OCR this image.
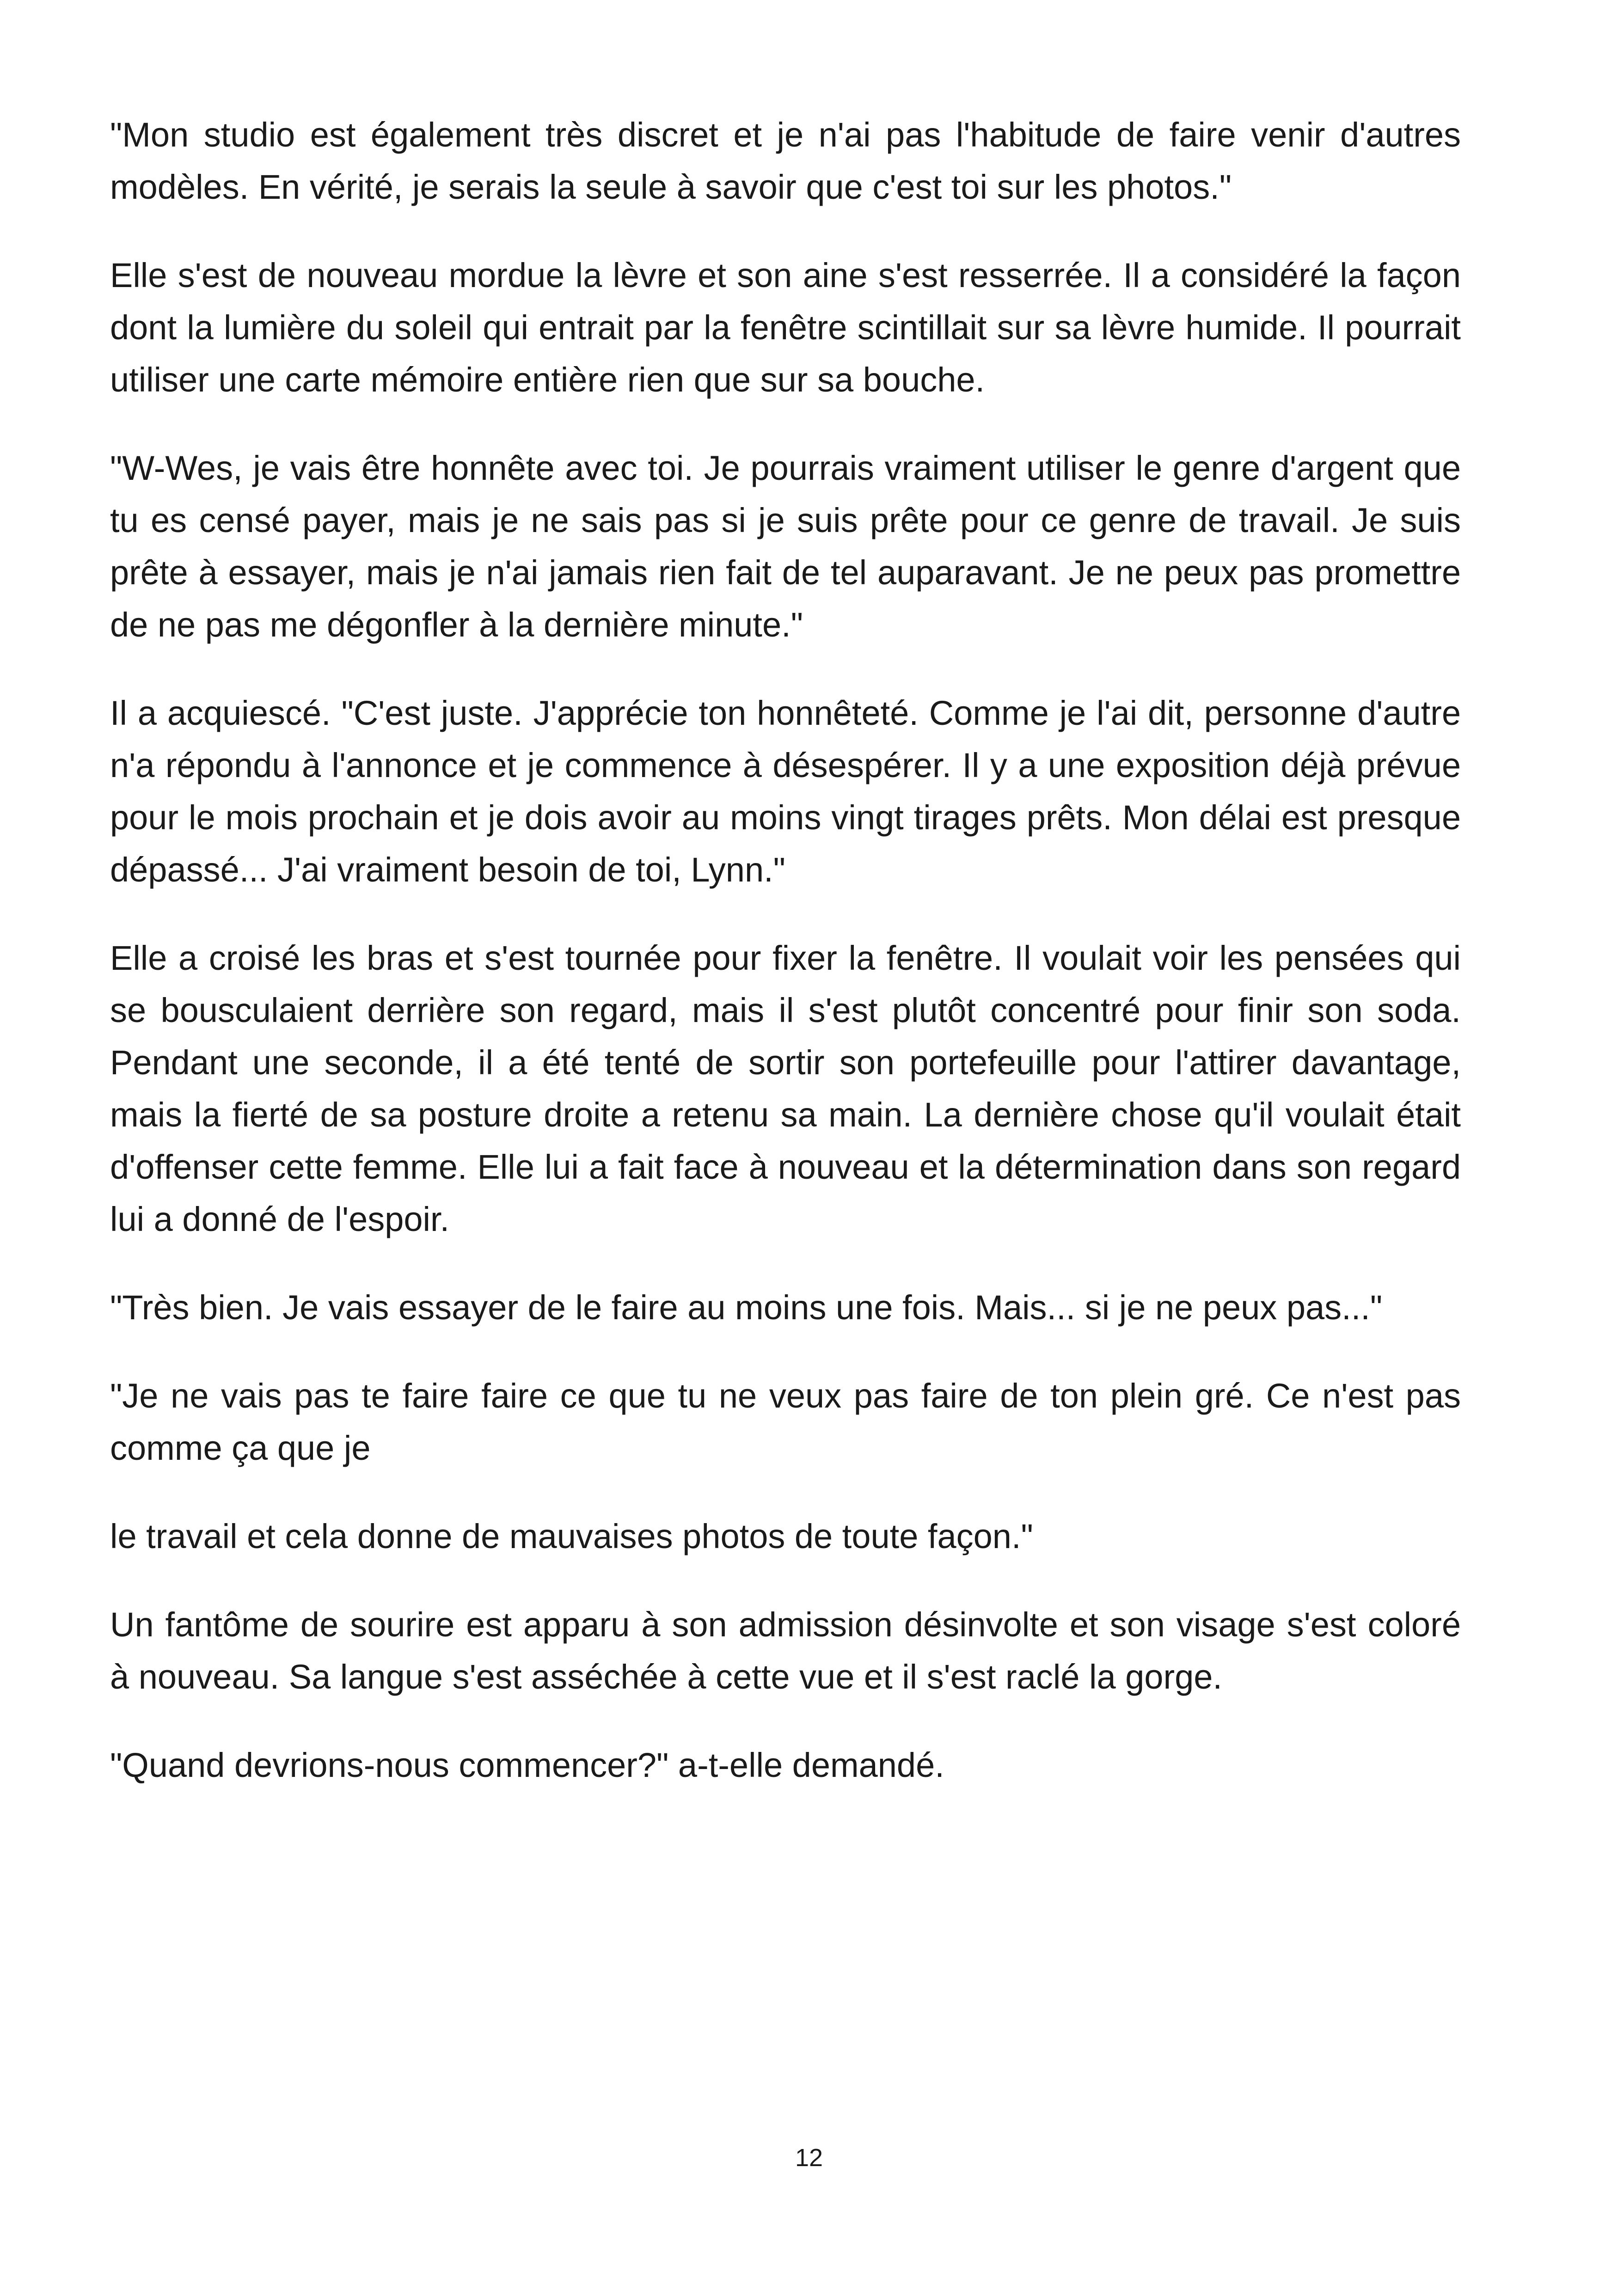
"Mon studio est également très discret et je n'ai pas l'habitude de faire venir d'autres modèles. En vérité, je serais la seule à savoir que c'est toi sur les photos."

Elle s'est de nouveau mordue la lèvre et son aine s'est resserrée. Il a considéré la façon dont la lumière du soleil qui entrait par la fenêtre scintillait sur sa lèvre humide. Il pourrait utiliser une carte mémoire entière rien que sur sa bouche.

"W-Wes, je vais être honnête avec toi. Je pourrais vraiment utiliser le genre d'argent que tu es censé payer, mais je ne sais pas si je suis prête pour ce genre de travail. Je suis prête à essayer, mais je n'ai jamais rien fait de tel auparavant. Je ne peux pas promettre de ne pas me dégonfler à la dernière minute."

Il a acquiescé. "C'est juste. J'apprécie ton honnêteté. Comme je l'ai dit, personne d'autre n'a répondu à l'annonce et je commence à désespérer. Il y a une exposition déjà prévue pour le mois prochain et je dois avoir au moins vingt tirages prêts. Mon délai est presque dépassé... J'ai vraiment besoin de toi, Lynn."

Elle a croisé les bras et s'est tournée pour fixer la fenêtre. Il voulait voir les pensées qui se bousculaient derrière son regard, mais il s'est plutôt concentré pour finir son soda. Pendant une seconde, il a été tenté de sortir son portefeuille pour l'attirer davantage, mais la fierté de sa posture droite a retenu sa main. La dernière chose qu'il voulait était d'offenser cette femme. Elle lui a fait face à nouveau et la détermination dans son regard lui a donné de l'espoir.

"Très bien. Je vais essayer de le faire au moins une fois. Mais... si je ne peux pas..."

"Je ne vais pas te faire faire ce que tu ne veux pas faire de ton plein gré. Ce n'est pas comme ça que je

le travail et cela donne de mauvaises photos de toute façon."

Un fantôme de sourire est apparu à son admission désinvolte et son visage s'est coloré à nouveau. Sa langue s'est asséchée à cette vue et il s'est raclé la gorge.

"Quand devrions-nous commencer?" a-t-elle demandé.

12
